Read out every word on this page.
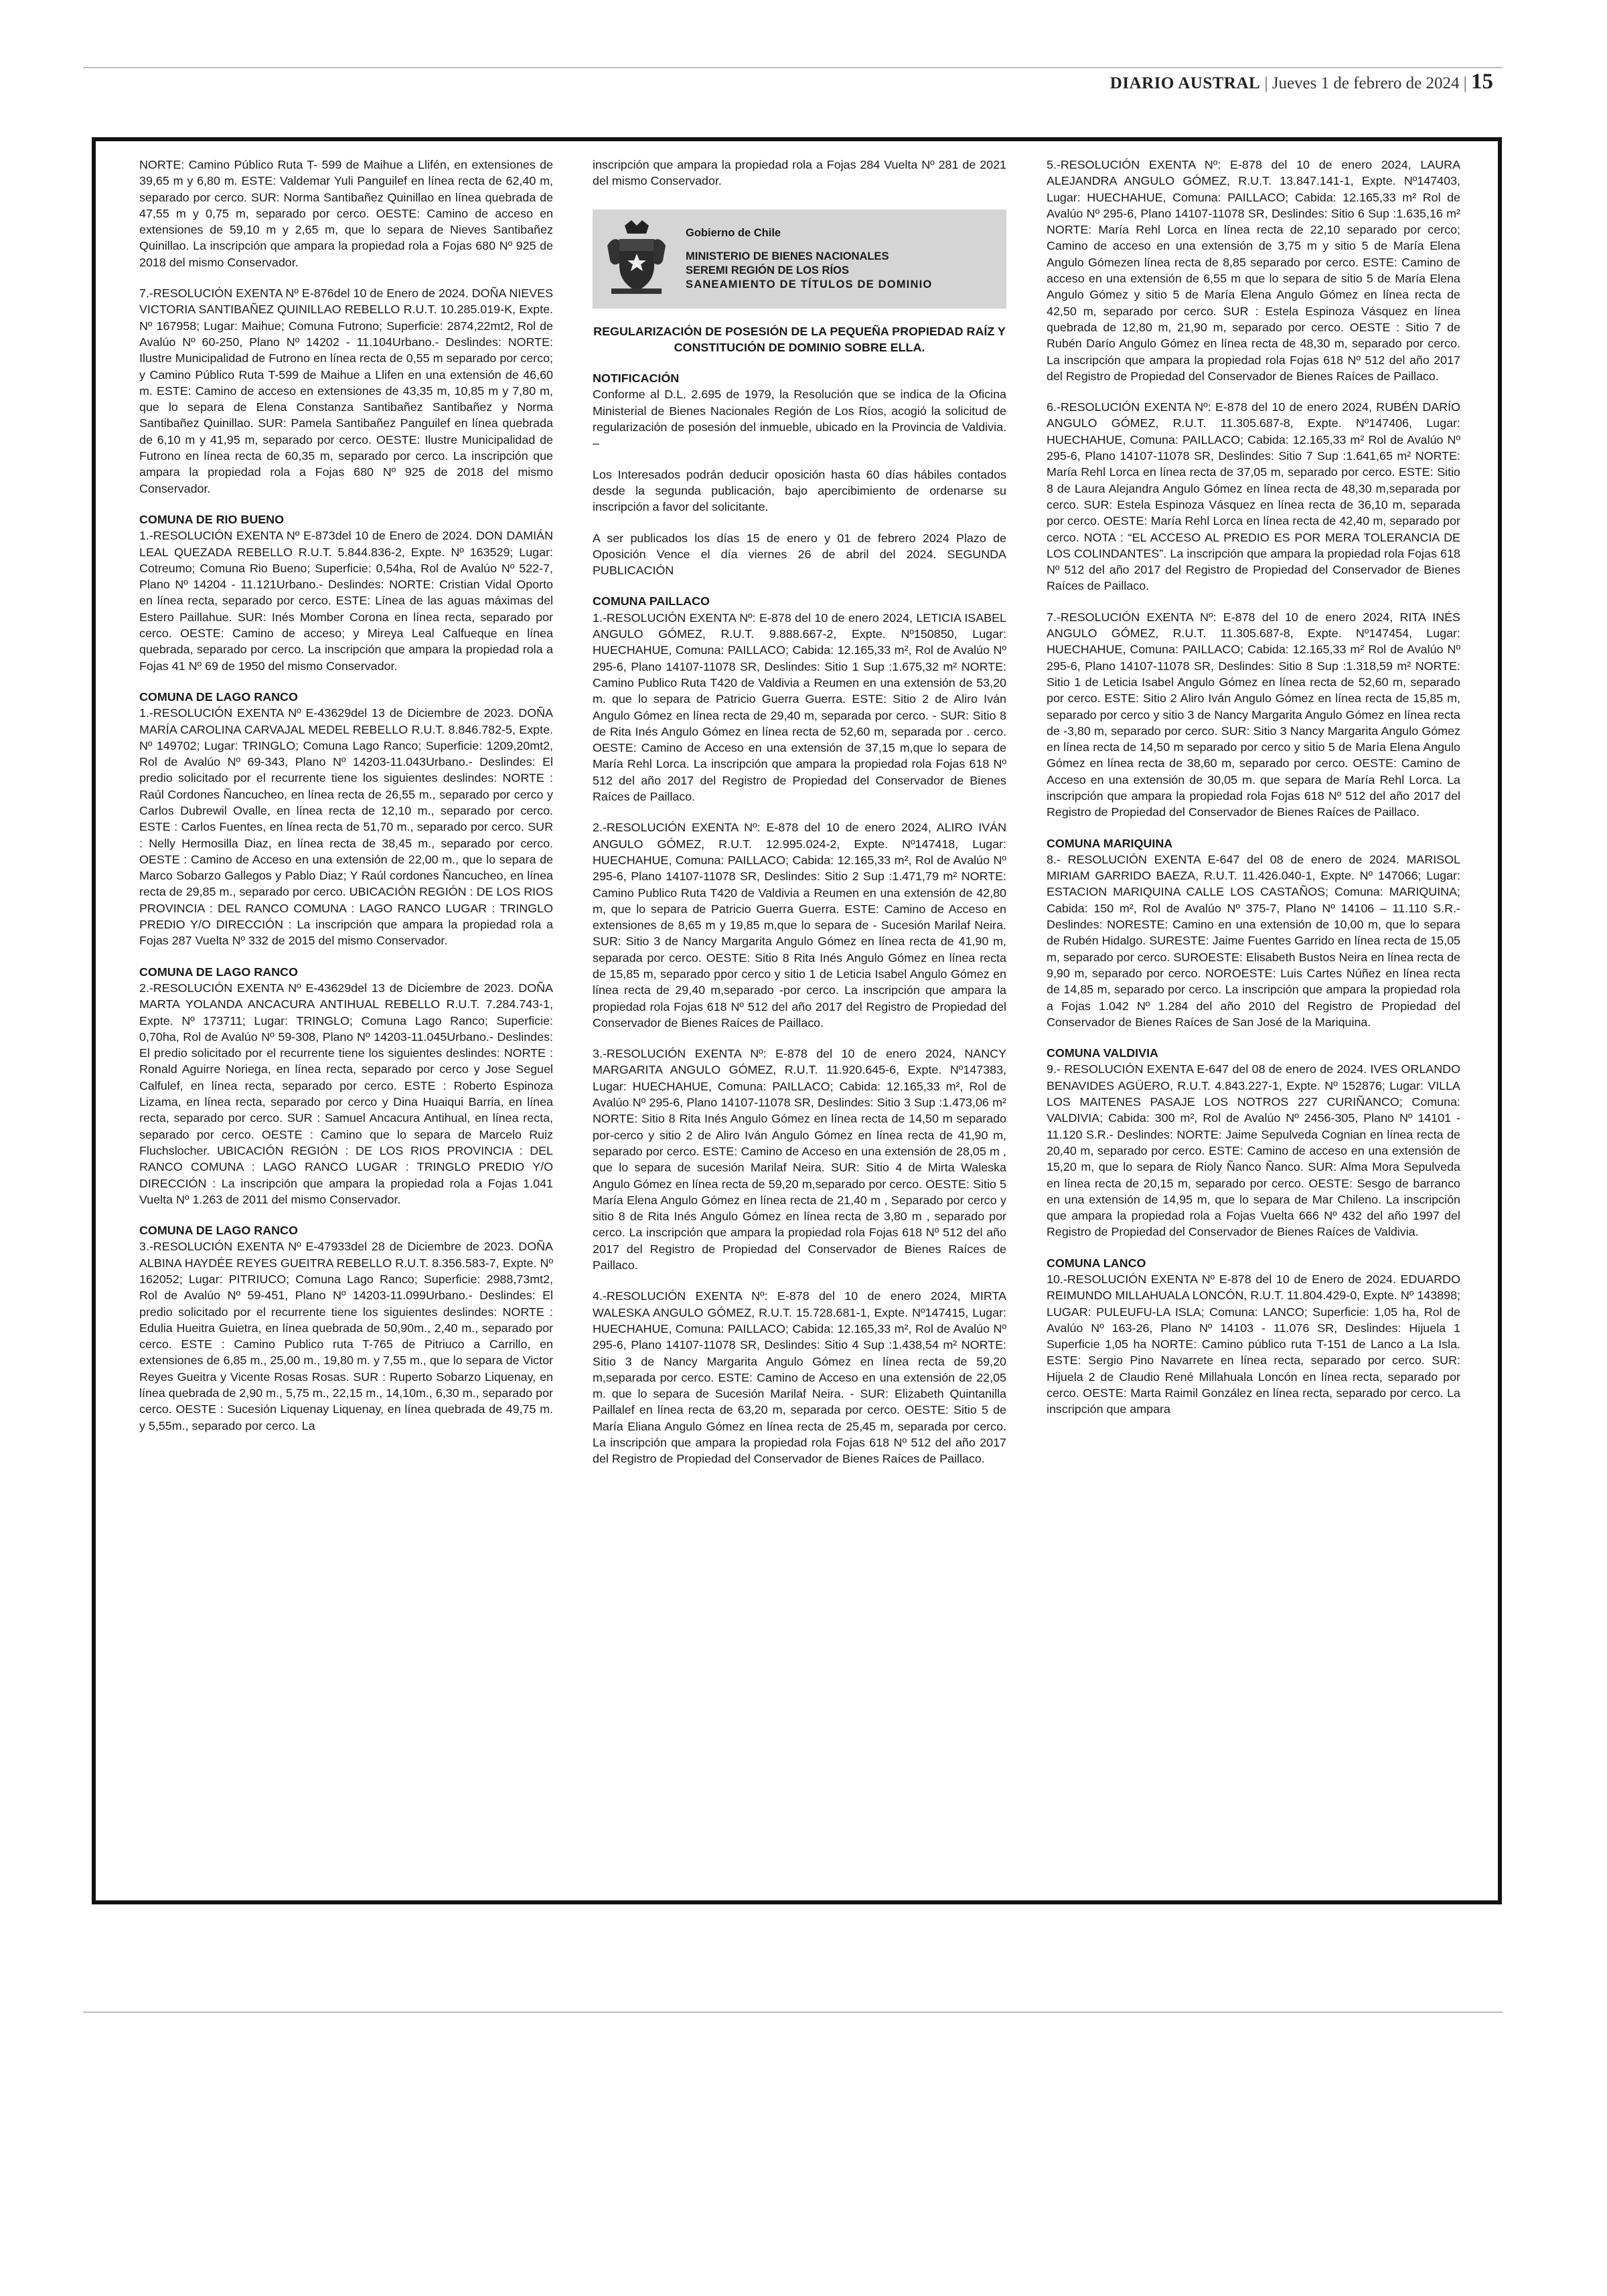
DIARIO AUSTRAL | Jueves 1 de febrero de 2024 | 15

NORTE: Camino Público Ruta T- 599 de Maihue a Llifén, en extensiones de 39,65 m y 6,80 m. ESTE: Valdemar Yuli Panguilef en línea recta de 62,40 m, separado por cerco. SUR: Norma Santibañez Quinillao en línea quebrada de 47,55 m y 0,75 m, separado por cerco. OESTE: Camino de acceso en extensiones de 59,10 m y 2,65 m, que lo separa de Nieves Santibañez Quinillao. La inscripción que ampara la propiedad rola a Fojas 680 Nº 925 de 2018 del mismo Conservador.

7.-RESOLUCIÓN EXENTA Nº E-876del 10 de Enero de 2024. DOÑA NIEVES VICTORIA SANTIBAÑEZ QUINILLAO REBELLO R.U.T. 10.285.019-K, Expte. Nº 167958; Lugar: Maihue; Comuna Futrono; Superficie: 2874,22mt2, Rol de Avalúo Nº 60-250, Plano Nº 14202 - 11.104Urbano.- Deslindes: NORTE: Ilustre Municipalidad de Futrono en línea recta de 0,55 m separado por cerco; y Camino Público Ruta T-599 de Maihue a Llifen en una extensión de 46,60 m. ESTE: Camino de acceso en extensiones de 43,35 m, 10,85 m y 7,80 m, que lo separa de Elena Constanza Santibañez Santibañez y Norma Santibañez Quinillao. SUR: Pamela Santibañez Panguilef en línea quebrada de 6,10 m y 41,95 m, separado por cerco. OESTE: Ilustre Municipalidad de Futrono en línea recta de 60,35 m, separado por cerco. La inscripción que ampara la propiedad rola a Fojas 680 Nº 925 de 2018 del mismo Conservador.

COMUNA DE RIO BUENO

1.-RESOLUCIÓN EXENTA Nº E-873del 10 de Enero de 2024. DON DAMIÁN LEAL QUEZADA REBELLO R.U.T. 5.844.836-2, Expte. Nº 163529; Lugar: Cotreumo; Comuna Rio Bueno; Superficie: 0,54ha, Rol de Avalúo Nº 522-7, Plano Nº 14204 - 11.121Urbano.- Deslindes: NORTE: Cristian Vidal Oporto en línea recta, separado por cerco. ESTE: Línea de las aguas máximas del Estero Paillahue. SUR: Inés Momber Corona en línea recta, separado por cerco. OESTE: Camino de acceso; y Mireya Leal Calfueque en línea quebrada, separado por cerco. La inscripción que ampara la propiedad rola a Fojas 41 Nº 69 de 1950 del mismo Conservador.

COMUNA DE LAGO RANCO

1.-RESOLUCIÓN EXENTA Nº E-43629del 13 de Diciembre de 2023. DOÑA MARÍA CAROLINA CARVAJAL MEDEL REBELLO R.U.T. 8.846.782-5, Expte. Nº 149702; Lugar: TRINGLO; Comuna Lago Ranco; Superficie: 1209,20mt2, Rol de Avalúo Nº 69-343, Plano Nº 14203-11.043Urbano.- Deslindes: El predio solicitado por el recurrente tiene los siguientes deslindes: NORTE : Raúl Cordones Ñancucheo, en línea recta de 26,55 m., separado por cerco y Carlos Dubrewil Ovalle, en línea recta de 12,10 m., separado por cerco. ESTE : Carlos Fuentes, en línea recta de 51,70 m., separado por cerco. SUR : Nelly Hermosilla Diaz, en línea recta de 38,45 m., separado por cerco. OESTE : Camino de Acceso en una extensión de 22,00 m., que lo separa de Marco Sobarzo Gallegos y Pablo Diaz; Y Raúl cordones Ñancucheo, en línea recta de 29,85 m., separado por cerco. UBICACIÓN REGIÓN : DE LOS RIOS PROVINCIA : DEL RANCO COMUNA : LAGO RANCO LUGAR : TRINGLO PREDIO Y/O DIRECCIÓN : La inscripción que ampara la propiedad rola a Fojas 287 Vuelta Nº 332 de 2015 del mismo Conservador.

COMUNA DE LAGO RANCO

2.-RESOLUCIÓN EXENTA Nº E-43629del 13 de Diciembre de 2023. DOÑA MARTA YOLANDA ANCACURA ANTIHUAL REBELLO R.U.T. 7.284.743-1, Expte. Nº 173711; Lugar: TRINGLO; Comuna Lago Ranco; Superficie: 0,70ha, Rol de Avalúo Nº 59-308, Plano Nº 14203-11.045Urbano.- Deslindes: El predio solicitado por el recurrente tiene los siguientes deslindes: NORTE : Ronald Aguirre Noriega, en línea recta, separado por cerco y Jose Seguel Calfulef, en línea recta, separado por cerco. ESTE : Roberto Espinoza Lizama, en línea recta, separado por cerco y Dina Huaiqui Barria, en línea recta, separado por cerco. SUR : Samuel Ancacura Antihual, en línea recta, separado por cerco. OESTE : Camino que lo separa de Marcelo Ruiz Fluchslocher. UBICACIÓN REGIÓN : DE LOS RIOS PROVINCIA : DEL RANCO COMUNA : LAGO RANCO LUGAR : TRINGLO PREDIO Y/O DIRECCIÓN : La inscripción que ampara la propiedad rola a Fojas 1.041 Vuelta Nº 1.263 de 2011 del mismo Conservador.

COMUNA DE LAGO RANCO

3.-RESOLUCIÓN EXENTA Nº E-47933del 28 de Diciembre de 2023. DOÑA ALBINA HAYDÉE REYES GUEITRA REBELLO R.U.T. 8.356.583-7, Expte. Nº 162052; Lugar: PITRIUCO; Comuna Lago Ranco; Superficie: 2988,73mt2, Rol de Avalúo Nº 59-451, Plano Nº 14203-11.099Urbano.- Deslindes: El predio solicitado por el recurrente tiene los siguientes deslindes: NORTE : Edulia Hueitra Guietra, en línea quebrada de 50,90m., 2,40 m., separado por cerco. ESTE : Camino Publico ruta T-765 de Pitriuco a Carrillo, en extensiones de 6,85 m., 25,00 m., 19,80 m. y 7,55 m., que lo separa de Victor Reyes Gueitra y Vicente Rosas Rosas. SUR : Ruperto Sobarzo Liquenay, en línea quebrada de 2,90 m., 5,75 m., 22,15 m., 14,10m., 6,30 m., separado por cerco. OESTE : Sucesión Liquenay Liquenay, en línea quebrada de 49,75 m. y 5,55m., separado por cerco. La

inscripción que ampara la propiedad rola a Fojas 284 Vuelta Nº 281 de 2021 del mismo Conservador.

Gobierno de Chile
MINISTERIO DE BIENES NACIONALES
SEREMI REGIÓN DE LOS RÍOS
SANEAMIENTO DE TÍTULOS DE DOMINIO

REGULARIZACIÓN DE POSESIÓN DE LA PEQUEÑA PROPIEDAD RAÍZ Y CONSTITUCIÓN DE DOMINIO SOBRE ELLA.

NOTIFICACIÓN

Conforme al D.L. 2.695 de 1979, la Resolución que se indica de la Oficina Ministerial de Bienes Nacionales Región de Los Ríos, acogió la solicitud de regularización de posesión del inmueble, ubicado en la Provincia de Valdivia. –

Los Interesados podrán deducir oposición hasta 60 días hábiles contados desde la segunda publicación, bajo apercibimiento de ordenarse su inscripción a favor del solicitante.

A ser publicados los días 15 de enero y 01 de febrero 2024 Plazo de Oposición Vence el día viernes 26 de abril del 2024. SEGUNDA PUBLICACIÓN

COMUNA PAILLACO

1.-RESOLUCIÓN EXENTA Nº: E-878 del 10 de enero 2024, LETICIA ISABEL ANGULO GÓMEZ, R.U.T. 9.888.667-2, Expte. Nº150850, Lugar: HUECHAHUE, Comuna: PAILLACO; Cabida: 12.165,33 m², Rol de Avalúo Nº 295-6, Plano 14107-11078 SR, Deslindes: Sitio 1 Sup :1.675,32 m² NORTE: Camino Publico Ruta T420 de Valdivia a Reumen en una extensión de 53,20 m. que lo separa de Patricio Guerra Guerra. ESTE: Sitio 2 de Aliro Iván Angulo Gómez en línea recta de 29,40 m, separada por cerco. - SUR: Sitio 8 de Rita Inés Angulo Gómez en línea recta de 52,60 m, separada por . cerco. OESTE: Camino de Acceso en una extensión de 37,15 m,que lo separa de María Rehl Lorca. La inscripción que ampara la propiedad rola Fojas 618 Nº 512 del año 2017 del Registro de Propiedad del Conservador de Bienes Raíces de Paillaco.

2.-RESOLUCIÓN EXENTA Nº: E-878 del 10 de enero 2024, ALIRO IVÁN ANGULO GÓMEZ, R.U.T. 12.995.024-2, Expte. Nº147418, Lugar: HUECHAHUE, Comuna: PAILLACO; Cabida: 12.165,33 m², Rol de Avalúo Nº 295-6, Plano 14107-11078 SR, Deslindes: Sitio 2 Sup :1.471,79 m² NORTE: Camino Publico Ruta T420 de Valdivia a Reumen en una extensión de 42,80 m, que lo separa de Patricio Guerra Guerra. ESTE: Camino de Acceso en extensiones de 8,65 m y 19,85 m,que lo separa de - Sucesión Marilaf Neira. SUR: Sitio 3 de Nancy Margarita Angulo Gómez en línea recta de 41,90 m, separada por cerco. OESTE: Sitio 8 Rita Inés Angulo Gómez en línea recta de 15,85 m, separado ppor cerco y sitio 1 de Leticia Isabel Angulo Gómez en línea recta de 29,40 m,separado -por cerco. La inscripción que ampara la propiedad rola Fojas 618 Nº 512 del año 2017 del Registro de Propiedad del Conservador de Bienes Raíces de Paillaco.

3.-RESOLUCIÓN EXENTA Nº: E-878 del 10 de enero 2024, NANCY MARGARITA ANGULO GÓMEZ, R.U.T. 11.920.645-6, Expte. Nº147383, Lugar: HUECHAHUE, Comuna: PAILLACO; Cabida: 12.165,33 m², Rol de Avalúo Nº 295-6, Plano 14107-11078 SR, Deslindes: Sitio 3 Sup :1.473,06 m² NORTE: Sitio 8 Rita Inés Angulo Gómez en línea recta de 14,50 m separado por-cerco y sitio 2 de Aliro Iván Angulo Gómez en línea recta de 41,90 m, separado por cerco. ESTE: Camino de Acceso en una extensión de 28,05 m , que lo separa de sucesión Marilaf Neira. SUR: Sitio 4 de Mirta Waleska Angulo Gómez en línea recta de 59,20 m,separado por cerco. OESTE: Sitio 5 María Elena Angulo Gómez en línea recta de 21,40 m , Separado por cerco y sitio 8 de Rita Inés Angulo Gómez en línea recta de 3,80 m , separado por cerco. La inscripción que ampara la propiedad rola Fojas 618 Nº 512 del año 2017 del Registro de Propiedad del Conservador de Bienes Raíces de Paillaco.

4.-RESOLUCIÓN EXENTA Nº: E-878 del 10 de enero 2024, MIRTA WALESKA ANGULO GÓMEZ, R.U.T. 15.728.681-1, Expte. Nº147415, Lugar: HUECHAHUE, Comuna: PAILLACO; Cabida: 12.165,33 m², Rol de Avalúo Nº 295-6, Plano 14107-11078 SR, Deslindes: Sitio 4 Sup :1.438,54 m² NORTE: Sitio 3 de Nancy Margarita Angulo Gómez en línea recta de 59,20 m,separada por cerco. ESTE: Camino de Acceso en una extensión de 22,05 m. que lo separa de Sucesión Marilaf Neira. - SUR: Elizabeth Quintanilla Paillalef en línea recta de 63,20 m, separada por cerco. OESTE: Sitio 5 de María Eliana Angulo Gómez en línea recta de 25,45 m, separada por cerco. La inscripción que ampara la propiedad rola Fojas 618 Nº 512 del año 2017 del Registro de Propiedad del Conservador de Bienes Raíces de Paillaco.

5.-RESOLUCIÓN EXENTA Nº: E-878 del 10 de enero 2024, LAURA ALEJANDRA ANGULO GÓMEZ, R.U.T. 13.847.141-1, Expte. Nº147403, Lugar: HUECHAHUE, Comuna: PAILLACO; Cabida: 12.165,33 m² Rol de Avalúo Nº 295-6, Plano 14107-11078 SR, Deslindes: Sitio 6 Sup :1.635,16 m² NORTE: María Rehl Lorca en línea recta de 22,10 separado por cerco; Camino de acceso en una extensión de 3,75 m y sitio 5 de María Elena Angulo Gómezen línea recta de 8,85 separado por cerco. ESTE: Camino de acceso en una extensión de 6,55 m que lo separa de sitio 5 de María Elena Angulo Gómez y sitio 5 de María Elena Angulo Gómez en línea recta de 42,50 m, separado por cerco. SUR : Estela Espinoza Vásquez en línea quebrada de 12,80 m, 21,90 m, separado por cerco. OESTE : Sitio 7 de Rubén Darío Angulo Gómez en línea recta de 48,30 m, separado por cerco. La inscripción que ampara la propiedad rola Fojas 618 Nº 512 del año 2017 del Registro de Propiedad del Conservador de Bienes Raíces de Paillaco.

6.-RESOLUCIÓN EXENTA Nº: E-878 del 10 de enero 2024, RUBÉN DARÍO ANGULO GÓMEZ, R.U.T. 11.305.687-8, Expte. Nº147406, Lugar: HUECHAHUE, Comuna: PAILLACO; Cabida: 12.165,33 m² Rol de Avalúo Nº 295-6, Plano 14107-11078 SR, Deslindes: Sitio 7 Sup :1.641,65 m² NORTE: María Rehl Lorca en línea recta de 37,05 m, separado por cerco. ESTE: Sitio 8 de Laura Alejandra Angulo Gómez en línea recta de 48,30 m,separada por cerco. SUR: Estela Espinoza Vásquez en línea recta de 36,10 m, separada por cerco. OESTE: María Rehl Lorca en línea recta de 42,40 m, separado por cerco. NOTA : “EL ACCESO AL PREDIO ES POR MERA TOLERANCIA DE LOS COLINDANTES”. La inscripción que ampara la propiedad rola Fojas 618 Nº 512 del año 2017 del Registro de Propiedad del Conservador de Bienes Raíces de Paillaco.

7.-RESOLUCIÓN EXENTA Nº: E-878 del 10 de enero 2024, RITA INÉS ANGULO GÓMEZ, R.U.T. 11.305.687-8, Expte. Nº147454, Lugar: HUECHAHUE, Comuna: PAILLACO; Cabida: 12.165,33 m² Rol de Avalúo Nº 295-6, Plano 14107-11078 SR, Deslindes: Sitio 8 Sup :1.318,59 m² NORTE: Sitio 1 de Leticia Isabel Angulo Gómez en línea recta de 52,60 m, separado por cerco. ESTE: Sitio 2 Aliro Iván Angulo Gómez en línea recta de 15,85 m, separado por cerco y sitio 3 de Nancy Margarita Angulo Gómez en línea recta de -3,80 m, separado por cerco. SUR: Sitio 3 Nancy Margarita Angulo Gómez en línea recta de 14,50 m separado por cerco y sitio 5 de María Elena Angulo Gómez en línea recta de 38,60 m, separado por cerco. OESTE: Camino de Acceso en una extensión de 30,05 m. que separa de María Rehl Lorca. La inscripción que ampara la propiedad rola Fojas 618 Nº 512 del año 2017 del Registro de Propiedad del Conservador de Bienes Raíces de Paillaco.

COMUNA MARIQUINA

8.- RESOLUCIÓN EXENTA E-647 del 08 de enero de 2024. MARISOL MIRIAM GARRIDO BAEZA, R.U.T. 11.426.040-1, Expte. Nº 147066; Lugar: ESTACION MARIQUINA CALLE LOS CASTAÑOS; Comuna: MARIQUINA; Cabida: 150 m², Rol de Avalúo Nº 375-7, Plano Nº 14106 – 11.110 S.R.- Deslindes: NORESTE: Camino en una extensión de 10,00 m, que lo separa de Rubén Hidalgo. SURESTE: Jaime Fuentes Garrido en línea recta de 15,05 m, separado por cerco. SUROESTE: Elisabeth Bustos Neira en línea recta de 9,90 m, separado por cerco. NOROESTE: Luis Cartes Núñez en línea recta de 14,85 m, separado por cerco. La inscripción que ampara la propiedad rola a Fojas 1.042 Nº 1.284 del año 2010 del Registro de Propiedad del Conservador de Bienes Raíces de San José de la Mariquina.

COMUNA VALDIVIA

9.- RESOLUCIÓN EXENTA E-647 del 08 de enero de 2024. IVES ORLANDO BENAVIDES AGÜERO, R.U.T. 4.843.227-1, Expte. Nº 152876; Lugar: VILLA LOS MAITENES PASAJE LOS NOTROS 227 CURIÑANCO; Comuna: VALDIVIA; Cabida: 300 m², Rol de Avalúo Nº 2456-305, Plano Nº 14101 - 11.120 S.R.- Deslindes: NORTE: Jaime Sepulveda Cognian en línea recta de 20,40 m, separado por cerco. ESTE: Camino de acceso en una extensión de 15,20 m, que lo separa de Rioly Ñanco Ñanco. SUR: Alma Mora Sepulveda en línea recta de 20,15 m, separado por cerco. OESTE: Sesgo de barranco en una extensión de 14,95 m, que lo separa de Mar Chileno. La inscripción que ampara la propiedad rola a Fojas Vuelta 666 Nº 432 del año 1997 del Registro de Propiedad del Conservador de Bienes Raíces de Valdivia.

COMUNA LANCO

10.-RESOLUCIÓN EXENTA Nº E-878 del 10 de Enero de 2024. EDUARDO REIMUNDO MILLAHUALA LONCÓN, R.U.T. 11.804.429-0, Expte. Nº 143898; LUGAR: PULEUFU-LA ISLA; Comuna: LANCO; Superficie: 1,05 ha, Rol de Avalúo Nº 163-26, Plano Nº 14103 - 11.076 SR, Deslindes: Hijuela 1 Superficie 1,05 ha NORTE: Camino público ruta T-151 de Lanco a La Isla. ESTE: Sergio Pino Navarrete en línea recta, separado por cerco. SUR: Hijuela 2 de Claudio René Millahuala Loncón en línea recta, separado por cerco. OESTE: Marta Raimil González en línea recta, separado por cerco. La inscripción que ampara
